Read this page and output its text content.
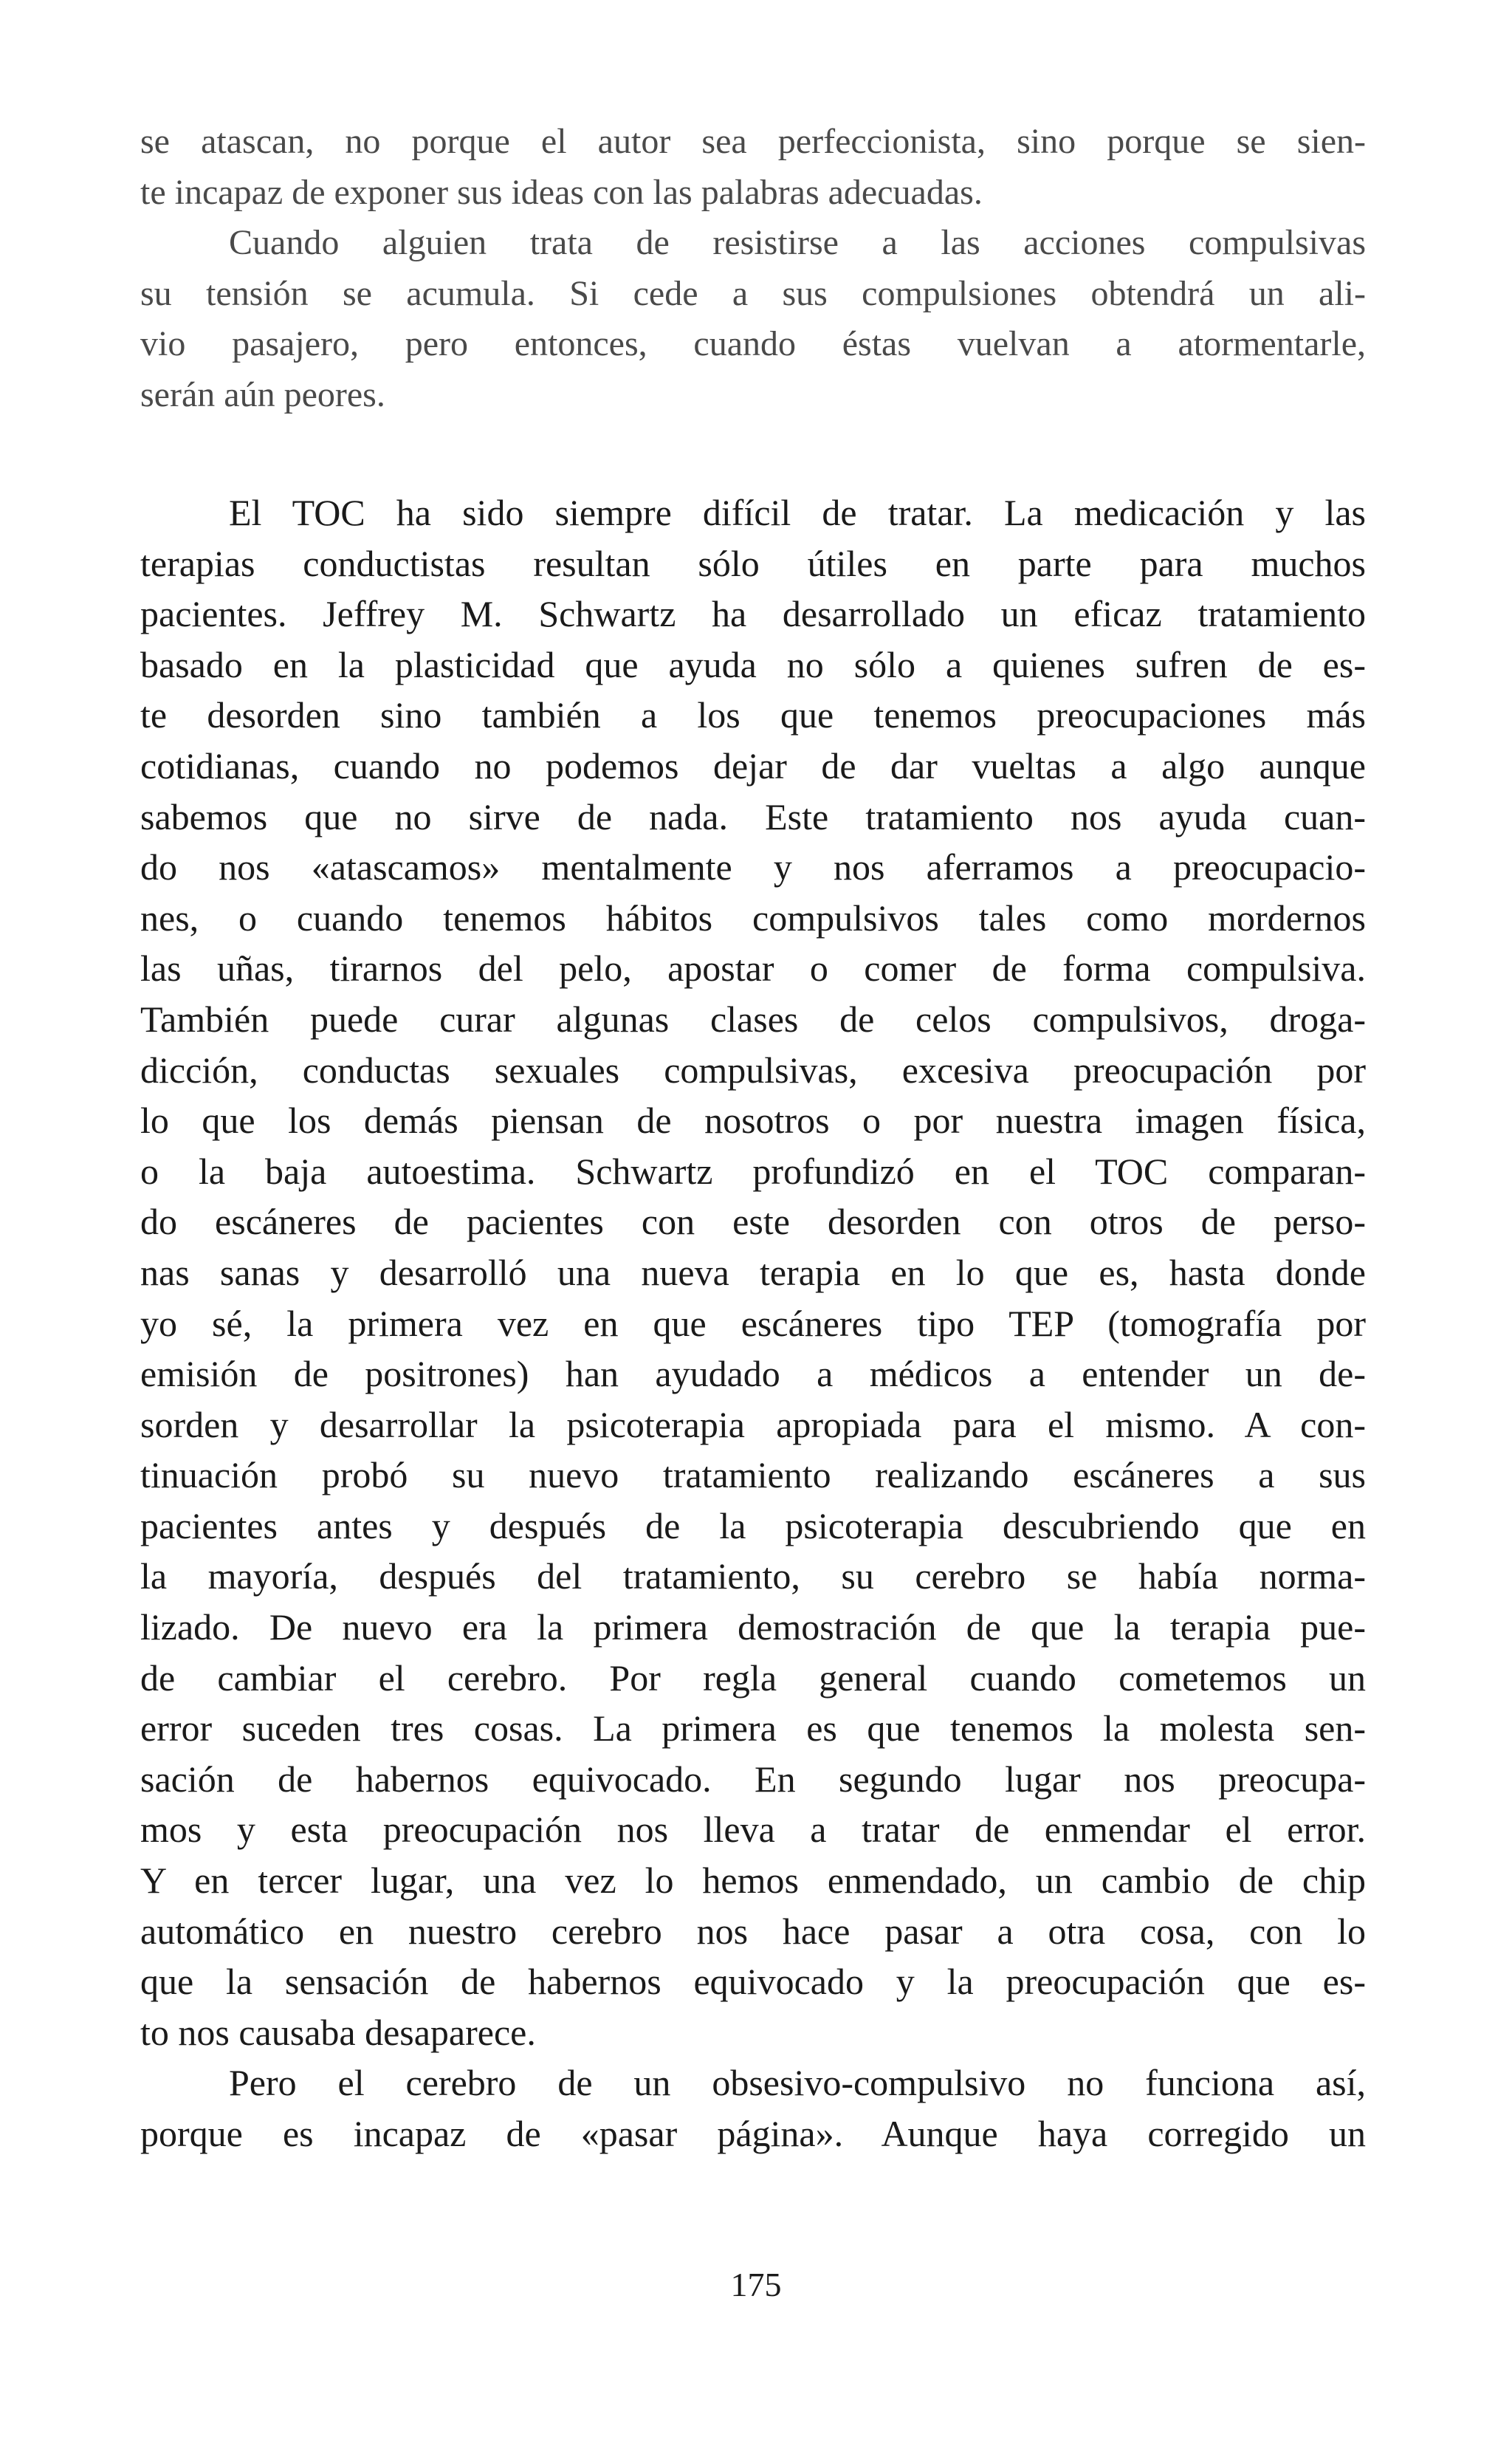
se atascan, no porque el autor sea perfeccionista, sino porque se sien-
te incapaz de exponer sus ideas con las palabras adecuadas.
Cuando alguien trata de resistirse a las acciones compulsivas
su tensión se acumula. Si cede a sus compulsiones obtendrá un ali-
vio pasajero, pero entonces, cuando éstas vuelvan a atormentarle,
serán aún peores.
El TOC ha sido siempre difícil de tratar. La medicación y las
terapias conductistas resultan sólo útiles en parte para muchos
pacientes. Jeffrey M. Schwartz ha desarrollado un eficaz tratamiento
basado en la plasticidad que ayuda no sólo a quienes sufren de es-
te desorden sino también a los que tenemos preocupaciones más
cotidianas, cuando no podemos dejar de dar vueltas a algo aunque
sabemos que no sirve de nada. Este tratamiento nos ayuda cuan-
do nos «atascamos» mentalmente y nos aferramos a preocupacio-
nes, o cuando tenemos hábitos compulsivos tales como mordernos
las uñas, tirarnos del pelo, apostar o comer de forma compulsiva.
También puede curar algunas clases de celos compulsivos, droga-
dicción, conductas sexuales compulsivas, excesiva preocupación por
lo que los demás piensan de nosotros o por nuestra imagen física,
o la baja autoestima. Schwartz profundizó en el TOC comparan-
do escáneres de pacientes con este desorden con otros de perso-
nas sanas y desarrolló una nueva terapia en lo que es, hasta donde
yo sé, la primera vez en que escáneres tipo TEP (tomografía por
emisión de positrones) han ayudado a médicos a entender un de-
sorden y desarrollar la psicoterapia apropiada para el mismo. A con-
tinuación probó su nuevo tratamiento realizando escáneres a sus
pacientes antes y después de la psicoterapia descubriendo que en
la mayoría, después del tratamiento, su cerebro se había norma-
lizado. De nuevo era la primera demostración de que la terapia pue-
de cambiar el cerebro. Por regla general cuando cometemos un
error suceden tres cosas. La primera es que tenemos la molesta sen-
sación de habernos equivocado. En segundo lugar nos preocupa-
mos y esta preocupación nos lleva a tratar de enmendar el error.
Y en tercer lugar, una vez lo hemos enmendado, un cambio de chip
automático en nuestro cerebro nos hace pasar a otra cosa, con lo
que la sensación de habernos equivocado y la preocupación que es-
to nos causaba desaparece.
Pero el cerebro de un obsesivo-compulsivo no funciona así,
porque es incapaz de «pasar página». Aunque haya corregido un
175
